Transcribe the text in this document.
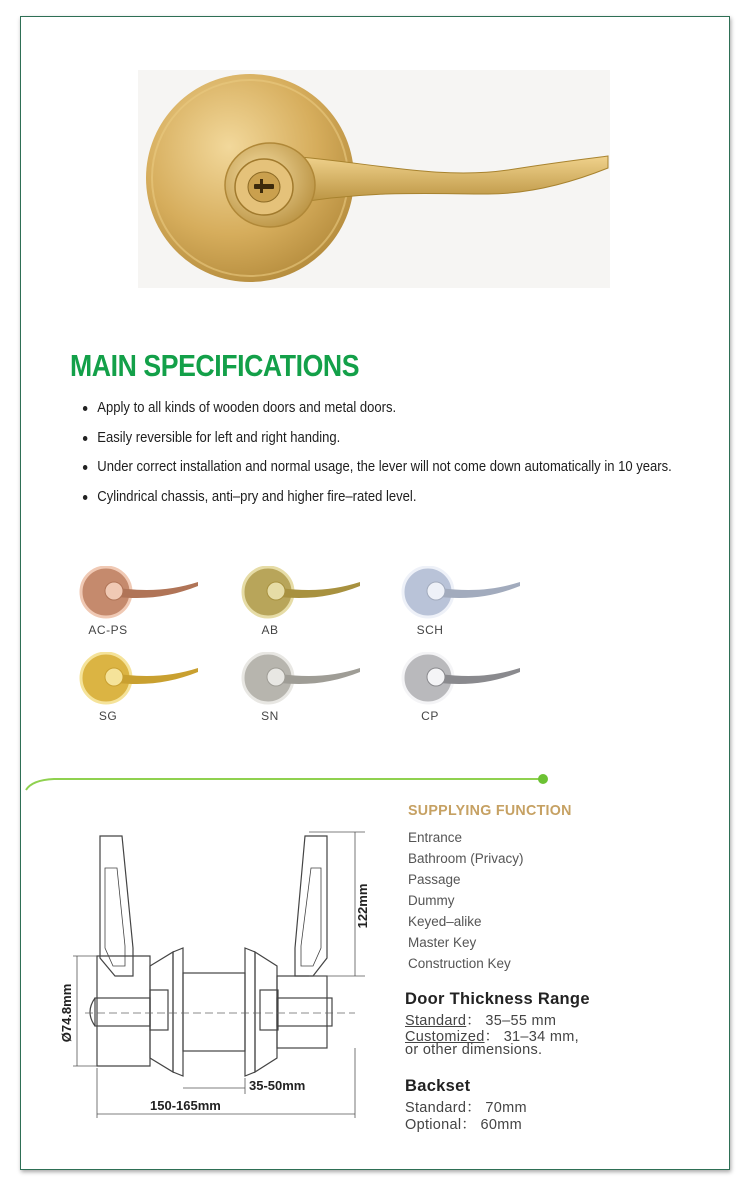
MAIN SPECIFICATIONS
Apply to all kinds of wooden doors and metal doors.
Easily reversible for left and right handing.
Under correct installation and normal usage, the lever will not come down automatically in 10 years.
Cylindrical chassis, anti–pry and higher fire–rated level.
AC-PS	AB	SCH
SG	SN	CP
122mm
Ø74.8mm
35-50mm
150-165mm
SUPPLYING FUNCTION
Entrance
Bathroom (Privacy)
Passage
Dummy
Keyed–alike
Master Key
Construction Key
Door Thickness Range
Standard： 35–55 mm
Customized： 31–34 mm,
or other dimensions.
Backset
Standard： 70mm
Optional： 60mm
